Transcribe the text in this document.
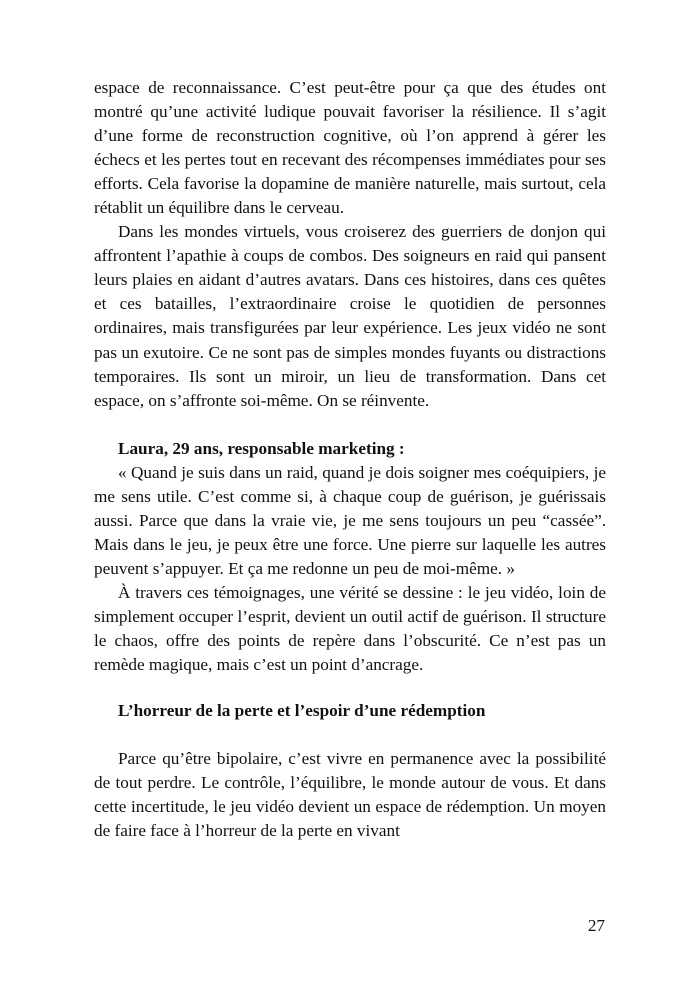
espace de reconnaissance. C’est peut-être pour ça que des études ont montré qu’une activité ludique pouvait favoriser la résilience. Il s’agit d’une forme de reconstruction cognitive, où l’on apprend à gérer les échecs et les pertes tout en recevant des récompenses immédiates pour ses efforts. Cela favorise la dopamine de manière naturelle, mais surtout, cela rétablit un équilibre dans le cerveau.

Dans les mondes virtuels, vous croiserez des guerriers de donjon qui affrontent l’apathie à coups de combos. Des soigneurs en raid qui pansent leurs plaies en aidant d’autres avatars. Dans ces histoires, dans ces quêtes et ces batailles, l’extraordinaire croise le quotidien de personnes ordinaires, mais transfigurées par leur expérience. Les jeux vidéo ne sont pas un exutoire. Ce ne sont pas de simples mondes fuyants ou distractions temporaires. Ils sont un miroir, un lieu de transformation. Dans cet espace, on s’affronte soi-même. On se réinvente.

Laura, 29 ans, responsable marketing :

« Quand je suis dans un raid, quand je dois soigner mes coéquipiers, je me sens utile. C’est comme si, à chaque coup de guérison, je guérissais aussi. Parce que dans la vraie vie, je me sens toujours un peu “cassée”. Mais dans le jeu, je peux être une force. Une pierre sur laquelle les autres peuvent s’appuyer. Et ça me redonne un peu de moi-même. »

À travers ces témoignages, une vérité se dessine : le jeu vidéo, loin de simplement occuper l’esprit, devient un outil actif de guérison. Il structure le chaos, offre des points de repère dans l’obscurité. Ce n’est pas un remède magique, mais c’est un point d’ancrage.

L’horreur de la perte et l’espoir d’une rédemption

Parce qu’être bipolaire, c’est vivre en permanence avec la possibilité de tout perdre. Le contrôle, l’équilibre, le monde autour de vous. Et dans cette incertitude, le jeu vidéo devient un espace de rédemption. Un moyen de faire face à l’horreur de la perte en vivant

27
